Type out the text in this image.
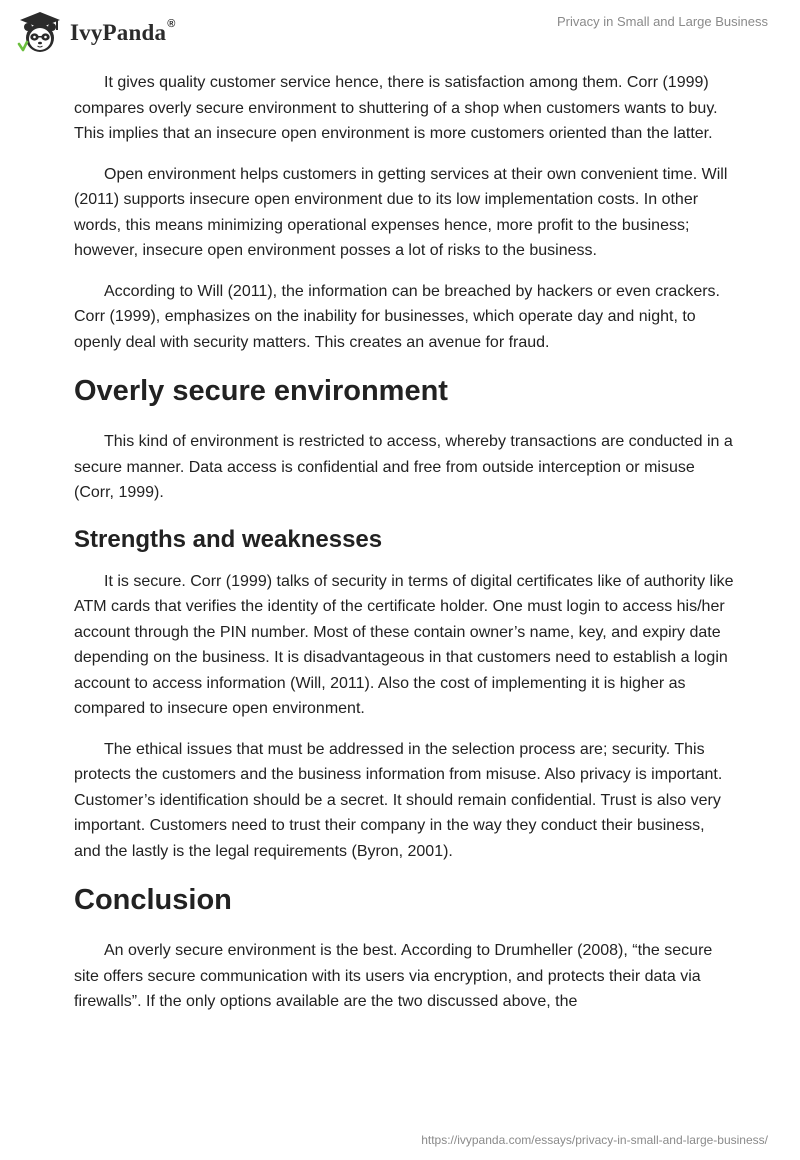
IvyPanda®	Privacy in Small and Large Business

It gives quality customer service hence, there is satisfaction among them. Corr (1999) compares overly secure environment to shuttering of a shop when customers wants to buy. This implies that an insecure open environment is more customers oriented than the latter.

Open environment helps customers in getting services at their own convenient time. Will (2011) supports insecure open environment due to its low implementation costs. In other words, this means minimizing operational expenses hence, more profit to the business; however, insecure open environment posses a lot of risks to the business.

According to Will (2011), the information can be breached by hackers or even crackers. Corr (1999), emphasizes on the inability for businesses, which operate day and night, to openly deal with security matters. This creates an avenue for fraud.

Overly secure environment

This kind of environment is restricted to access, whereby transactions are conducted in a secure manner. Data access is confidential and free from outside interception or misuse (Corr, 1999).

Strengths and weaknesses

It is secure. Corr (1999) talks of security in terms of digital certificates like of authority like ATM cards that verifies the identity of the certificate holder. One must login to access his/her account through the PIN number. Most of these contain owner’s name, key, and expiry date depending on the business. It is disadvantageous in that customers need to establish a login account to access information (Will, 2011). Also the cost of implementing it is higher as compared to insecure open environment.

The ethical issues that must be addressed in the selection process are; security. This protects the customers and the business information from misuse. Also privacy is important. Customer’s identification should be a secret. It should remain confidential. Trust is also very important. Customers need to trust their company in the way they conduct their business, and the lastly is the legal requirements (Byron, 2001).

Conclusion

An overly secure environment is the best. According to Drumheller (2008), “the secure site offers secure communication with its users via encryption, and protects their data via firewalls”. If the only options available are the two discussed above, the

https://ivypanda.com/essays/privacy-in-small-and-large-business/
